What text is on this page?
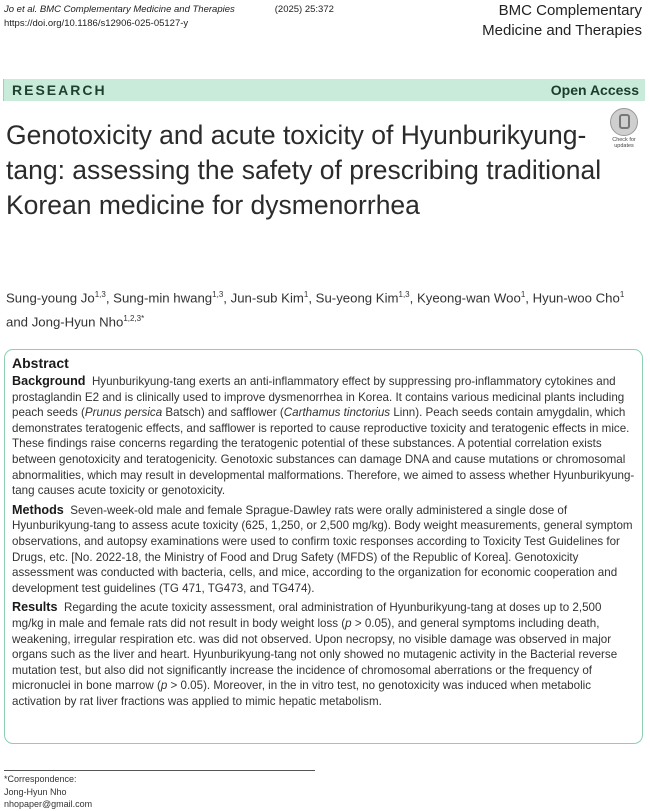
Jo et al. BMC Complementary Medicine and Therapies	(2025) 25:372
https://doi.org/10.1186/s12906-025-05127-y
BMC Complementary
Medicine and Therapies
RESEARCH	Open Access
Genotoxicity and acute toxicity of Hyunburikyung-tang: assessing the safety of prescribing traditional Korean medicine for dysmenorrhea
Check for
updates
Sung-young Jo$^{1,3}$, Sung-min hwang$^{1,3}$, Jun-sub Kim$^1$, Su-yeong Kim$^{1,3}$, Kyeong-wan Woo$^1$, Hyun-woo Cho$^1$ and Jong-Hyun Nho$^{1,2,3*}$
Abstract

Background Hyunburikyung-tang exerts an anti-inflammatory effect by suppressing pro-inflammatory cytokines and prostaglandin E2 and is clinically used to improve dysmenorrhea in Korea. It contains various medicinal plants including peach seeds (Prunus persica Batsch) and safflower (Carthamus tinctorius Linn). Peach seeds contain amygdalin, which demonstrates teratogenic effects, and safflower is reported to cause reproductive toxicity and teratogenic effects in mice. These findings raise concerns regarding the teratogenic potential of these substances. A potential correlation exists between genotoxicity and teratogenicity. Genotoxic substances can damage DNA and cause mutations or chromosomal abnormalities, which may result in developmental malformations. Therefore, we aimed to assess whether Hyunburikyung-tang causes acute toxicity or genotoxicity.

Methods Seven-week-old male and female Sprague-Dawley rats were orally administered a single dose of Hyunburikyung-tang to assess acute toxicity (625, 1,250, or 2,500 mg/kg). Body weight measurements, general symptom observations, and autopsy examinations were used to confirm toxic responses according to Toxicity Test Guidelines for Drugs, etc. [No. 2022-18, the Ministry of Food and Drug Safety (MFDS) of the Republic of Korea]. Genotoxicity assessment was conducted with bacteria, cells, and mice, according to the organization for economic cooperation and development test guidelines (TG 471, TG473, and TG474).

Results Regarding the acute toxicity assessment, oral administration of Hyunburikyung-tang at doses up to 2,500 mg/kg in male and female rats did not result in body weight loss (p > 0.05), and general symptoms including death, weakening, irregular respiration etc. was did not observed. Upon necropsy, no visible damage was observed in major organs such as the liver and heart. Hyunburikyung-tang not only showed no mutagenic activity in the Bacterial reverse mutation test, but also did not significantly increase the incidence of chromosomal aberrations or the frequency of micronuclei in bone marrow (p > 0.05). Moreover, in the in vitro test, no genotoxicity was induced when metabolic activation by rat liver fractions was applied to mimic hepatic metabolism.

*Correspondence:
Jong-Hyun Nho
nhopaper@gmail.com
